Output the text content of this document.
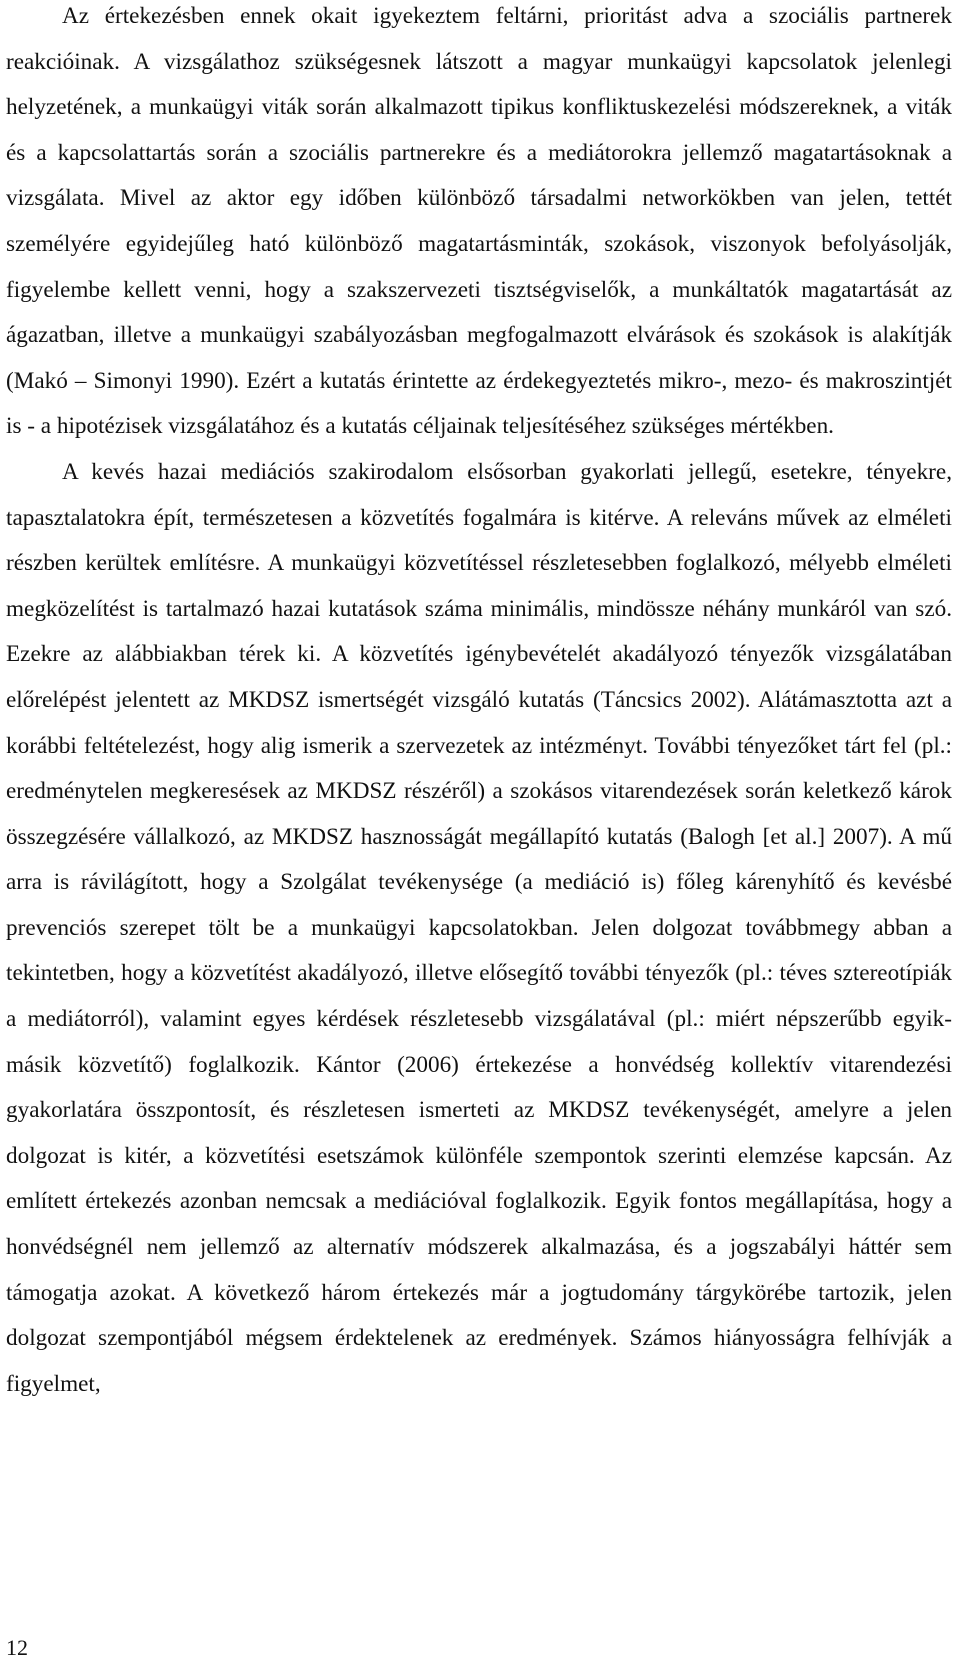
Az értekezésben ennek okait igyekeztem feltárni, prioritást adva a szociális partnerek reakcióinak. A vizsgálathoz szükségesnek látszott a magyar munkaügyi kapcsolatok jelenlegi helyzetének, a munkaügyi viták során alkalmazott tipikus konfliktuskezelési módszereknek, a viták és a kapcsolattartás során a szociális partnerekre és a mediátorokra jellemző magatartásoknak a vizsgálata. Mivel az aktor egy időben különböző társadalmi networkökben van jelen, tettét személyére egyidejűleg ható különböző magatartásminták, szokások, viszonyok befolyásolják, figyelembe kellett venni, hogy a szakszervezeti tisztségviselők, a munkáltatók magatartását az ágazatban, illetve a munkaügyi szabályozásban megfogalmazott elvárások és szokások is alakítják (Makó – Simonyi 1990). Ezért a kutatás érintette az érdekegyeztetés mikro-, mezo- és makroszintjét is - a hipotézisek vizsgálatához és a kutatás céljainak teljesítéséhez szükséges mértékben.

A kevés hazai mediációs szakirodalom elsősorban gyakorlati jellegű, esetekre, tényekre, tapasztalatokra épít, természetesen a közvetítés fogalmára is kitérve. A releváns művek az elméleti részben kerültek említésre. A munkaügyi közvetítéssel részletesebben foglalkozó, mélyebb elméleti megközelítést is tartalmazó hazai kutatások száma minimális, mindössze néhány munkáról van szó. Ezekre az alábbiakban térek ki. A közvetítés igénybevételét akadályozó tényezők vizsgálatában előrelépést jelentett az MKDSZ ismertségét vizsgáló kutatás (Táncsics 2002). Alátámasztotta azt a korábbi feltételezést, hogy alig ismerik a szervezetek az intézményt. További tényezőket tárt fel (pl.: eredménytelen megkeresések az MKDSZ részéről) a szokásos vitarendezések során keletkező károk összegzésére vállalkozó, az MKDSZ hasznosságát megállapító kutatás (Balogh [et al.] 2007). A mű arra is rávilágított, hogy a Szolgálat tevékenysége (a mediáció is) főleg kárenyhítő és kevésbé prevenciós szerepet tölt be a munkaügyi kapcsolatokban. Jelen dolgozat továbbmegy abban a tekintetben, hogy a közvetítést akadályozó, illetve elősegítő további tényezők (pl.: téves sztereotípiák a mediátorról), valamint egyes kérdések részletesebb vizsgálatával (pl.: miért népszerűbb egyik-másik közvetítő) foglalkozik. Kántor (2006) értekezése a honvédség kollektív vitarendezési gyakorlatára összpontosít, és részletesen ismerteti az MKDSZ tevékenységét, amelyre a jelen dolgozat is kitér, a közvetítési esetszámok különféle szempontok szerinti elemzése kapcsán. Az említett értekezés azonban nemcsak a mediációval foglalkozik. Egyik fontos megállapítása, hogy a honvédségnél nem jellemző az alternatív módszerek alkalmazása, és a jogszabályi háttér sem támogatja azokat. A következő három értekezés már a jogtudomány tárgykörébe tartozik, jelen dolgozat szempontjából mégsem érdektelenek az eredmények. Számos hiányosságra felhívják a figyelmet,

12
